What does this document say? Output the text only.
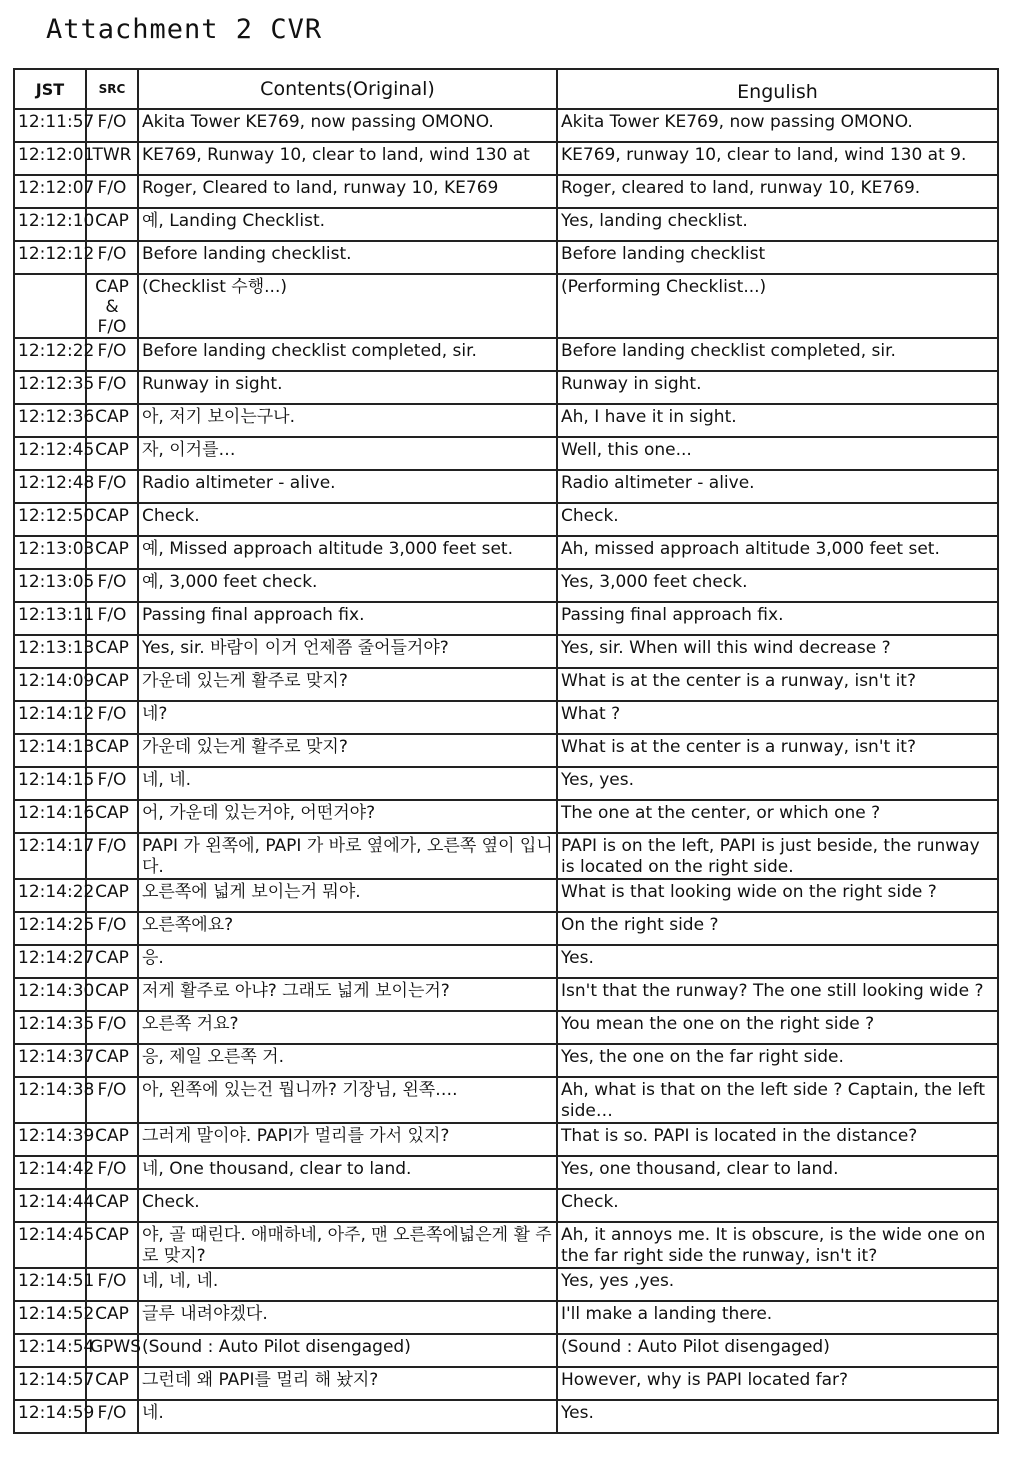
Attachment 2 CVR
JST	SRC	Contents(Original)	Engulish
12:11:57	F/O	Akita Tower KE769, now passing OMONO.	Akita Tower KE769, now passing OMONO.
12:12:01	TWR	KE769, Runway 10, clear to land, wind 130 at	KE769, runway 10, clear to land, wind 130 at 9.
12:12:07	F/O	Roger, Cleared to land, runway 10, KE769	Roger, cleared to land, runway 10, KE769.
12:12:10	CAP	예, Landing Checklist.	Yes, landing checklist.
12:12:12	F/O	Before landing checklist.	Before landing checklist
	CAP & F/O	(Checklist 수행...)	(Performing Checklist...)
12:12:22	F/O	Before landing checklist completed, sir.	Before landing checklist completed, sir.
12:12:35	F/O	Runway in sight.	Runway in sight.
12:12:36	CAP	아, 저기 보이는구나.	Ah, I have it in sight.
12:12:45	CAP	자, 이거를…	Well, this one...
12:12:48	F/O	Radio altimeter - alive.	Radio altimeter - alive.
12:12:50	CAP	Check.	Check.
12:13:03	CAP	예, Missed approach altitude 3,000 feet set.	Ah, missed approach altitude 3,000 feet set.
12:13:05	F/O	예, 3,000 feet check.	Yes, 3,000 feet check.
12:13:11	F/O	Passing final approach fix.	Passing final approach fix.
12:13:13	CAP	Yes, sir. 바람이 이거 언제쯤 줄어들거야?	Yes, sir. When will this wind decrease ?
12:14:09	CAP	가운데 있는게 활주로 맞지?	What is at the center is a runway, isn't it?
12:14:12	F/O	네?	What ?
12:14:13	CAP	가운데 있는게 활주로 맞지?	What is at the center is a runway, isn't it?
12:14:15	F/O	네, 네.	Yes, yes.
12:14:16	CAP	어, 가운데 있는거야, 어떤거야?	The one at the center, or which one ?
12:14:17	F/O	PAPI 가 왼쪽에, PAPI 가 바로 옆에가, 오른쪽 옆이 입니다.	PAPI is on the left, PAPI is just beside, the runway is located on the right side.
12:14:22	CAP	오른쪽에 넓게 보이는거 뭐야.	What is that looking wide on the right side ?
12:14:25	F/O	오른쪽에요?	On the right side ?
12:14:27	CAP	응.	Yes.
12:14:30	CAP	저게 활주로 아냐? 그래도 넓게 보이는거?	Isn't that the runway? The one still looking wide ?
12:14:35	F/O	오른쪽 거요?	You mean the one on the right side ?
12:14:37	CAP	응, 제일 오른쪽 거.	Yes, the one on the far right side.
12:14:38	F/O	아, 왼쪽에 있는건 뭡니까? 기장님, 왼쪽….	Ah, what is that on the left side ? Captain, the left side…
12:14:39	CAP	그러게 말이야. PAPI가 멀리를 가서 있지?	That is so. PAPI is located in the distance?
12:14:42	F/O	네, One thousand, clear to land.	Yes, one thousand, clear to land.
12:14:44	CAP	Check.	Check.
12:14:45	CAP	야, 골 때린다. 애매하네, 아주, 맨 오른쪽에넓은게 활 주로 맞지?	Ah, it annoys me. It is obscure, is the wide one on the far right side the runway, isn't it?
12:14:51	F/O	네, 네, 네.	Yes, yes ,yes.
12:14:52	CAP	글루 내려야겠다.	I'll make a landing there.
12:14:54	GPWS	(Sound : Auto Pilot disengaged)	(Sound : Auto Pilot disengaged)
12:14:57	CAP	그런데 왜 PAPI를 멀리 해 놨지?	However, why is PAPI located far?
12:14:59	F/O	네.	Yes.
